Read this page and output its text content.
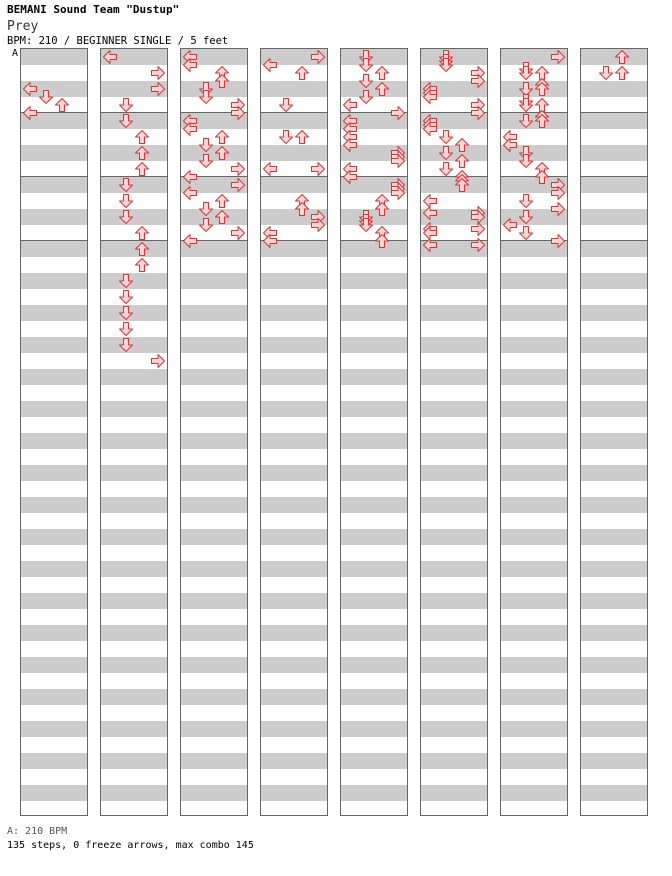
BEMANI Sound Team "Dustup"
Prey
BPM: 210 / BEGINNER SINGLE / 5 feet
A
A: 210 BPM
135 steps, 0 freeze arrows, max combo 145
